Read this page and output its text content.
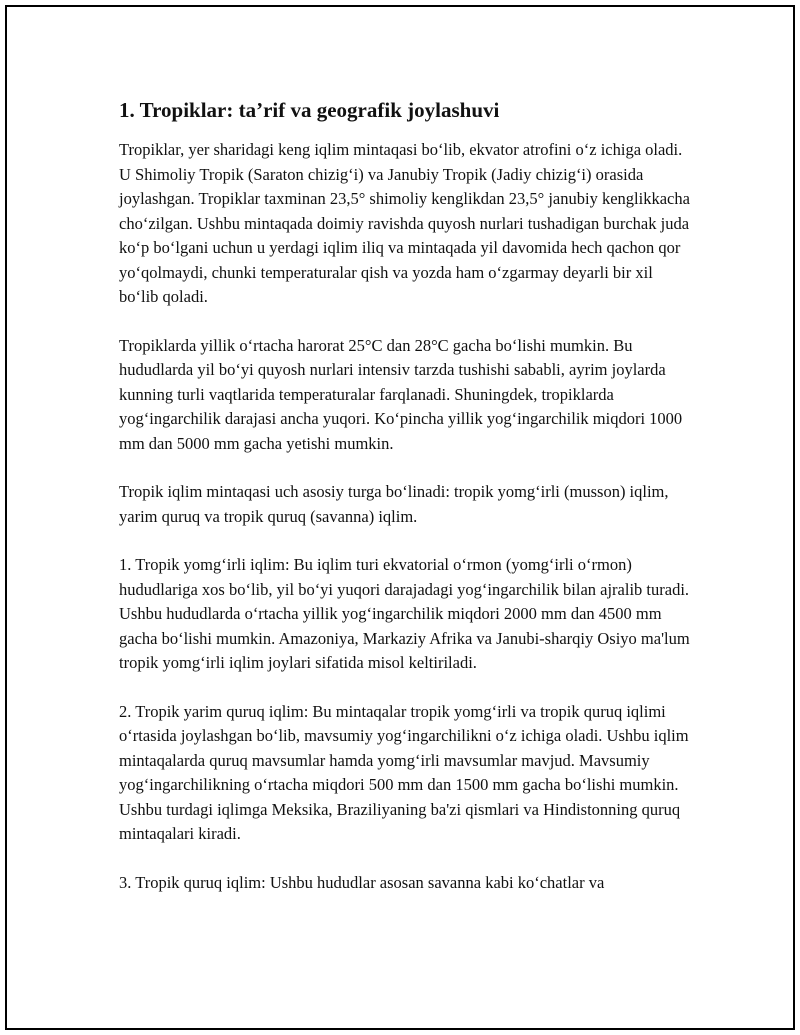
1. Tropiklar: ta’rif va geografik joylashuvi

Tropiklar, yer sharidagi keng iqlim mintaqasi bo‘lib, ekvator atrofini o‘z ichiga oladi. U Shimoliy Tropik (Saraton chizig‘i) va Janubiy Tropik (Jadiy chizig‘i) orasida joylashgan. Tropiklar taxminan 23,5° shimoliy kenglikdan 23,5° janubiy kenglikkacha cho‘zilgan. Ushbu mintaqada doimiy ravishda quyosh nurlari tushadigan burchak juda ko‘p bo‘lgani uchun u yerdagi iqlim iliq va mintaqada yil davomida hech qachon qor yo‘qolmaydi, chunki temperaturalar qish va yozda ham o‘zgarmay deyarli bir xil bo‘lib qoladi.

Tropiklarda yillik o‘rtacha harorat 25°C dan 28°C gacha bo‘lishi mumkin. Bu hududlarda yil bo‘yi quyosh nurlari intensiv tarzda tushishi sababli, ayrim joylarda kunning turli vaqtlarida temperaturalar farqlanadi. Shuningdek, tropiklarda yog‘ingarchilik darajasi ancha yuqori. Ko‘pincha yillik yog‘ingarchilik miqdori 1000 mm dan 5000 mm gacha yetishi mumkin.

Tropik iqlim mintaqasi uch asosiy turga bo‘linadi: tropik yomg‘irli (musson) iqlim, yarim quruq va tropik quruq (savanna) iqlim.

1. Tropik yomg‘irli iqlim: Bu iqlim turi ekvatorial o‘rmon (yomg‘irli o‘rmon) hududlariga xos bo‘lib, yil bo‘yi yuqori darajadagi yog‘ingarchilik bilan ajralib turadi. Ushbu hududlarda o‘rtacha yillik yog‘ingarchilik miqdori 2000 mm dan 4500 mm gacha bo‘lishi mumkin. Amazoniya, Markaziy Afrika va Janubi-sharqiy Osiyo ma'lum tropik yomg‘irli iqlim joylari sifatida misol keltiriladi.

2. Tropik yarim quruq iqlim: Bu mintaqalar tropik yomg‘irli va tropik quruq iqlimi o‘rtasida joylashgan bo‘lib, mavsumiy yog‘ingarchilikni o‘z ichiga oladi. Ushbu iqlim mintaqalarda quruq mavsumlar hamda yomg‘irli mavsumlar mavjud. Mavsumiy yog‘ingarchilikning o‘rtacha miqdori 500 mm dan 1500 mm gacha bo‘lishi mumkin. Ushbu turdagi iqlimga Meksika, Braziliyaning ba'zi qismlari va Hindistonning quruq mintaqalari kiradi.

3. Tropik quruq iqlim: Ushbu hududlar asosan savanna kabi ko‘chatlar va
